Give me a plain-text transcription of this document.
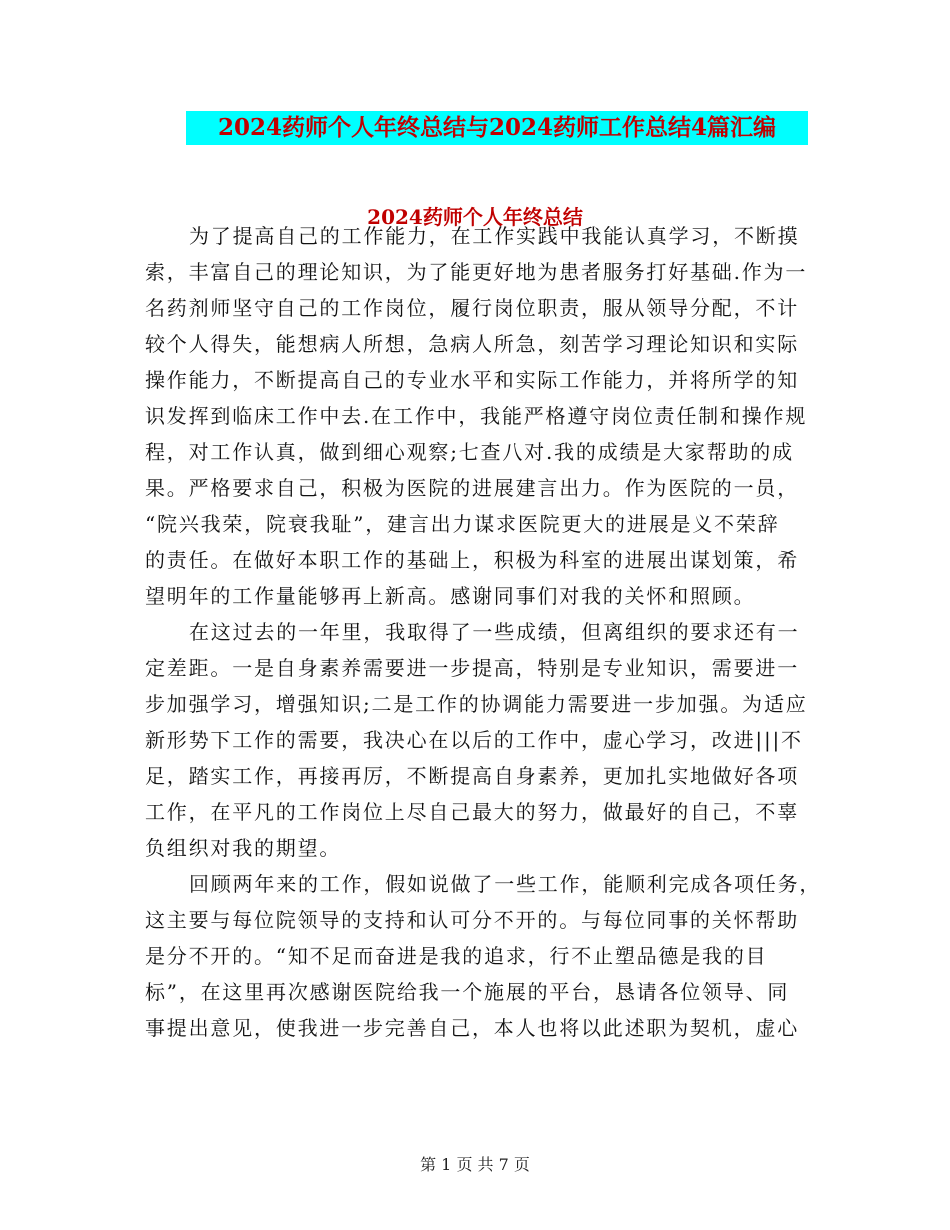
2024药师个人年终总结与2024药师工作总结4篇汇编
2024药师个人年终总结
为了提高自己的工作能力，在工作实践中我能认真学习，不断摸
索，丰富自己的理论知识，为了能更好地为患者服务打好基础.作为一
名药剂师坚守自己的工作岗位，履行岗位职责，服从领导分配，不计
较个人得失，能想病人所想，急病人所急，刻苦学习理论知识和实际
操作能力，不断提高自己的专业水平和实际工作能力，并将所学的知
识发挥到临床工作中去.在工作中，我能严格遵守岗位责任制和操作规
程，对工作认真，做到细心观察;七查八对.我的成绩是大家帮助的成
果。严格要求自己，积极为医院的进展建言出力。作为医院的一员，
“院兴我荣，院衰我耻”，建言出力谋求医院更大的进展是义不荣辞
的责任。在做好本职工作的基础上，积极为科室的进展出谋划策，希
望明年的工作量能够再上新高。感谢同事们对我的关怀和照顾。
在这过去的一年里，我取得了一些成绩，但离组织的要求还有一
定差距。一是自身素养需要进一步提高，特别是专业知识，需要进一
步加强学习，增强知识;二是工作的协调能力需要进一步加强。为适应
新形势下工作的需要，我决心在以后的工作中，虚心学习，改进|||不
足，踏实工作，再接再厉，不断提高自身素养，更加扎实地做好各项
工作，在平凡的工作岗位上尽自己最大的努力，做最好的自己，不辜
负组织对我的期望。
回顾两年来的工作，假如说做了一些工作，能顺利完成各项任务，
这主要与每位院领导的支持和认可分不开的。与每位同事的关怀帮助
是分不开的。“知不足而奋进是我的追求，行不止塑品德是我的目
标”，在这里再次感谢医院给我一个施展的平台，恳请各位领导、同
事提出意见，使我进一步完善自己，本人也将以此述职为契机，虚心
第 1 页 共 7 页
